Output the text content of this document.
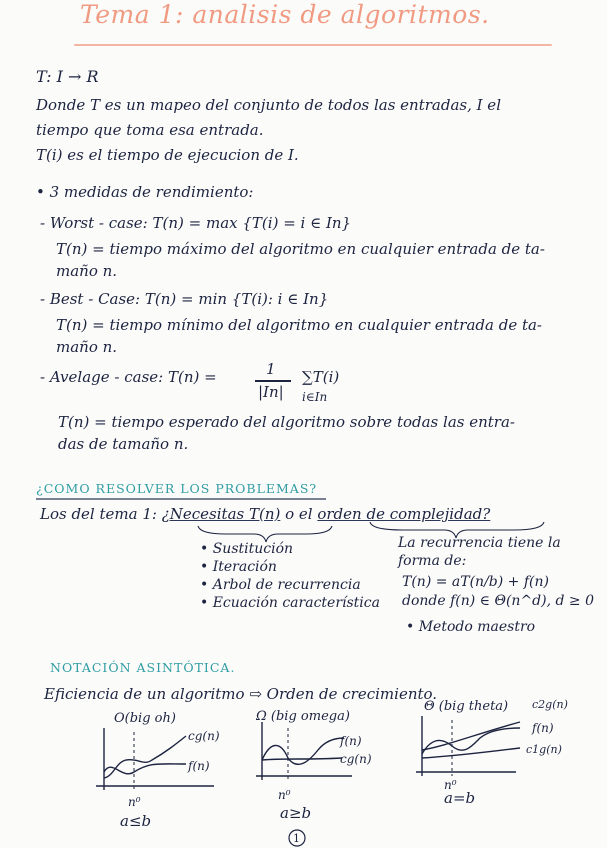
Tema 1: analisis de algoritmos.
T: I → R
Donde T es un mapeo del conjunto de todos las entradas, I el
tiempo que toma esa entrada.
T(i) es el tiempo de ejecucion de I.
• 3 medidas de rendimiento:
- Worst - case: T(n) = max {T(i) = i ∈ In}
T(n) = tiempo máximo del algoritmo en cualquier entrada de ta-
maño n.
- Best - Case: T(n) = min {T(i): i ∈ In}
T(n) = tiempo mínimo del algoritmo en cualquier entrada de ta-
maño n.
- Avelage - case: T(n) =	1
|In|
∑T(i)
i∈In
T(n) = tiempo esperado del algoritmo sobre todas las entra-
das de tamaño n.
¿COMO RESOLVER LOS PROBLEMAS?
Los del tema 1: ¿Necesitas T(n) o el orden de complejidad?
• Sustitución
• Iteración
• Arbol de recurrencia
• Ecuación característica
La recurrencia tiene la
forma de:
T(n) = aT(n/b) + f(n)
donde f(n) ∈ Θ(n^d), d ≥ 0
• Metodo maestro
NOTACIÓN ASINTÓTICA.
Eficiencia de un algoritmo ⇨ Orden de crecimiento.
O(big oh)
cg(n)
f(n)
n⁰
a≤b
Ω (big omega)
f(n)
cg(n)
n⁰
a≥b
Θ (big theta) c2g(n)
f(n)
c1g(n)
n⁰
a=b
1
